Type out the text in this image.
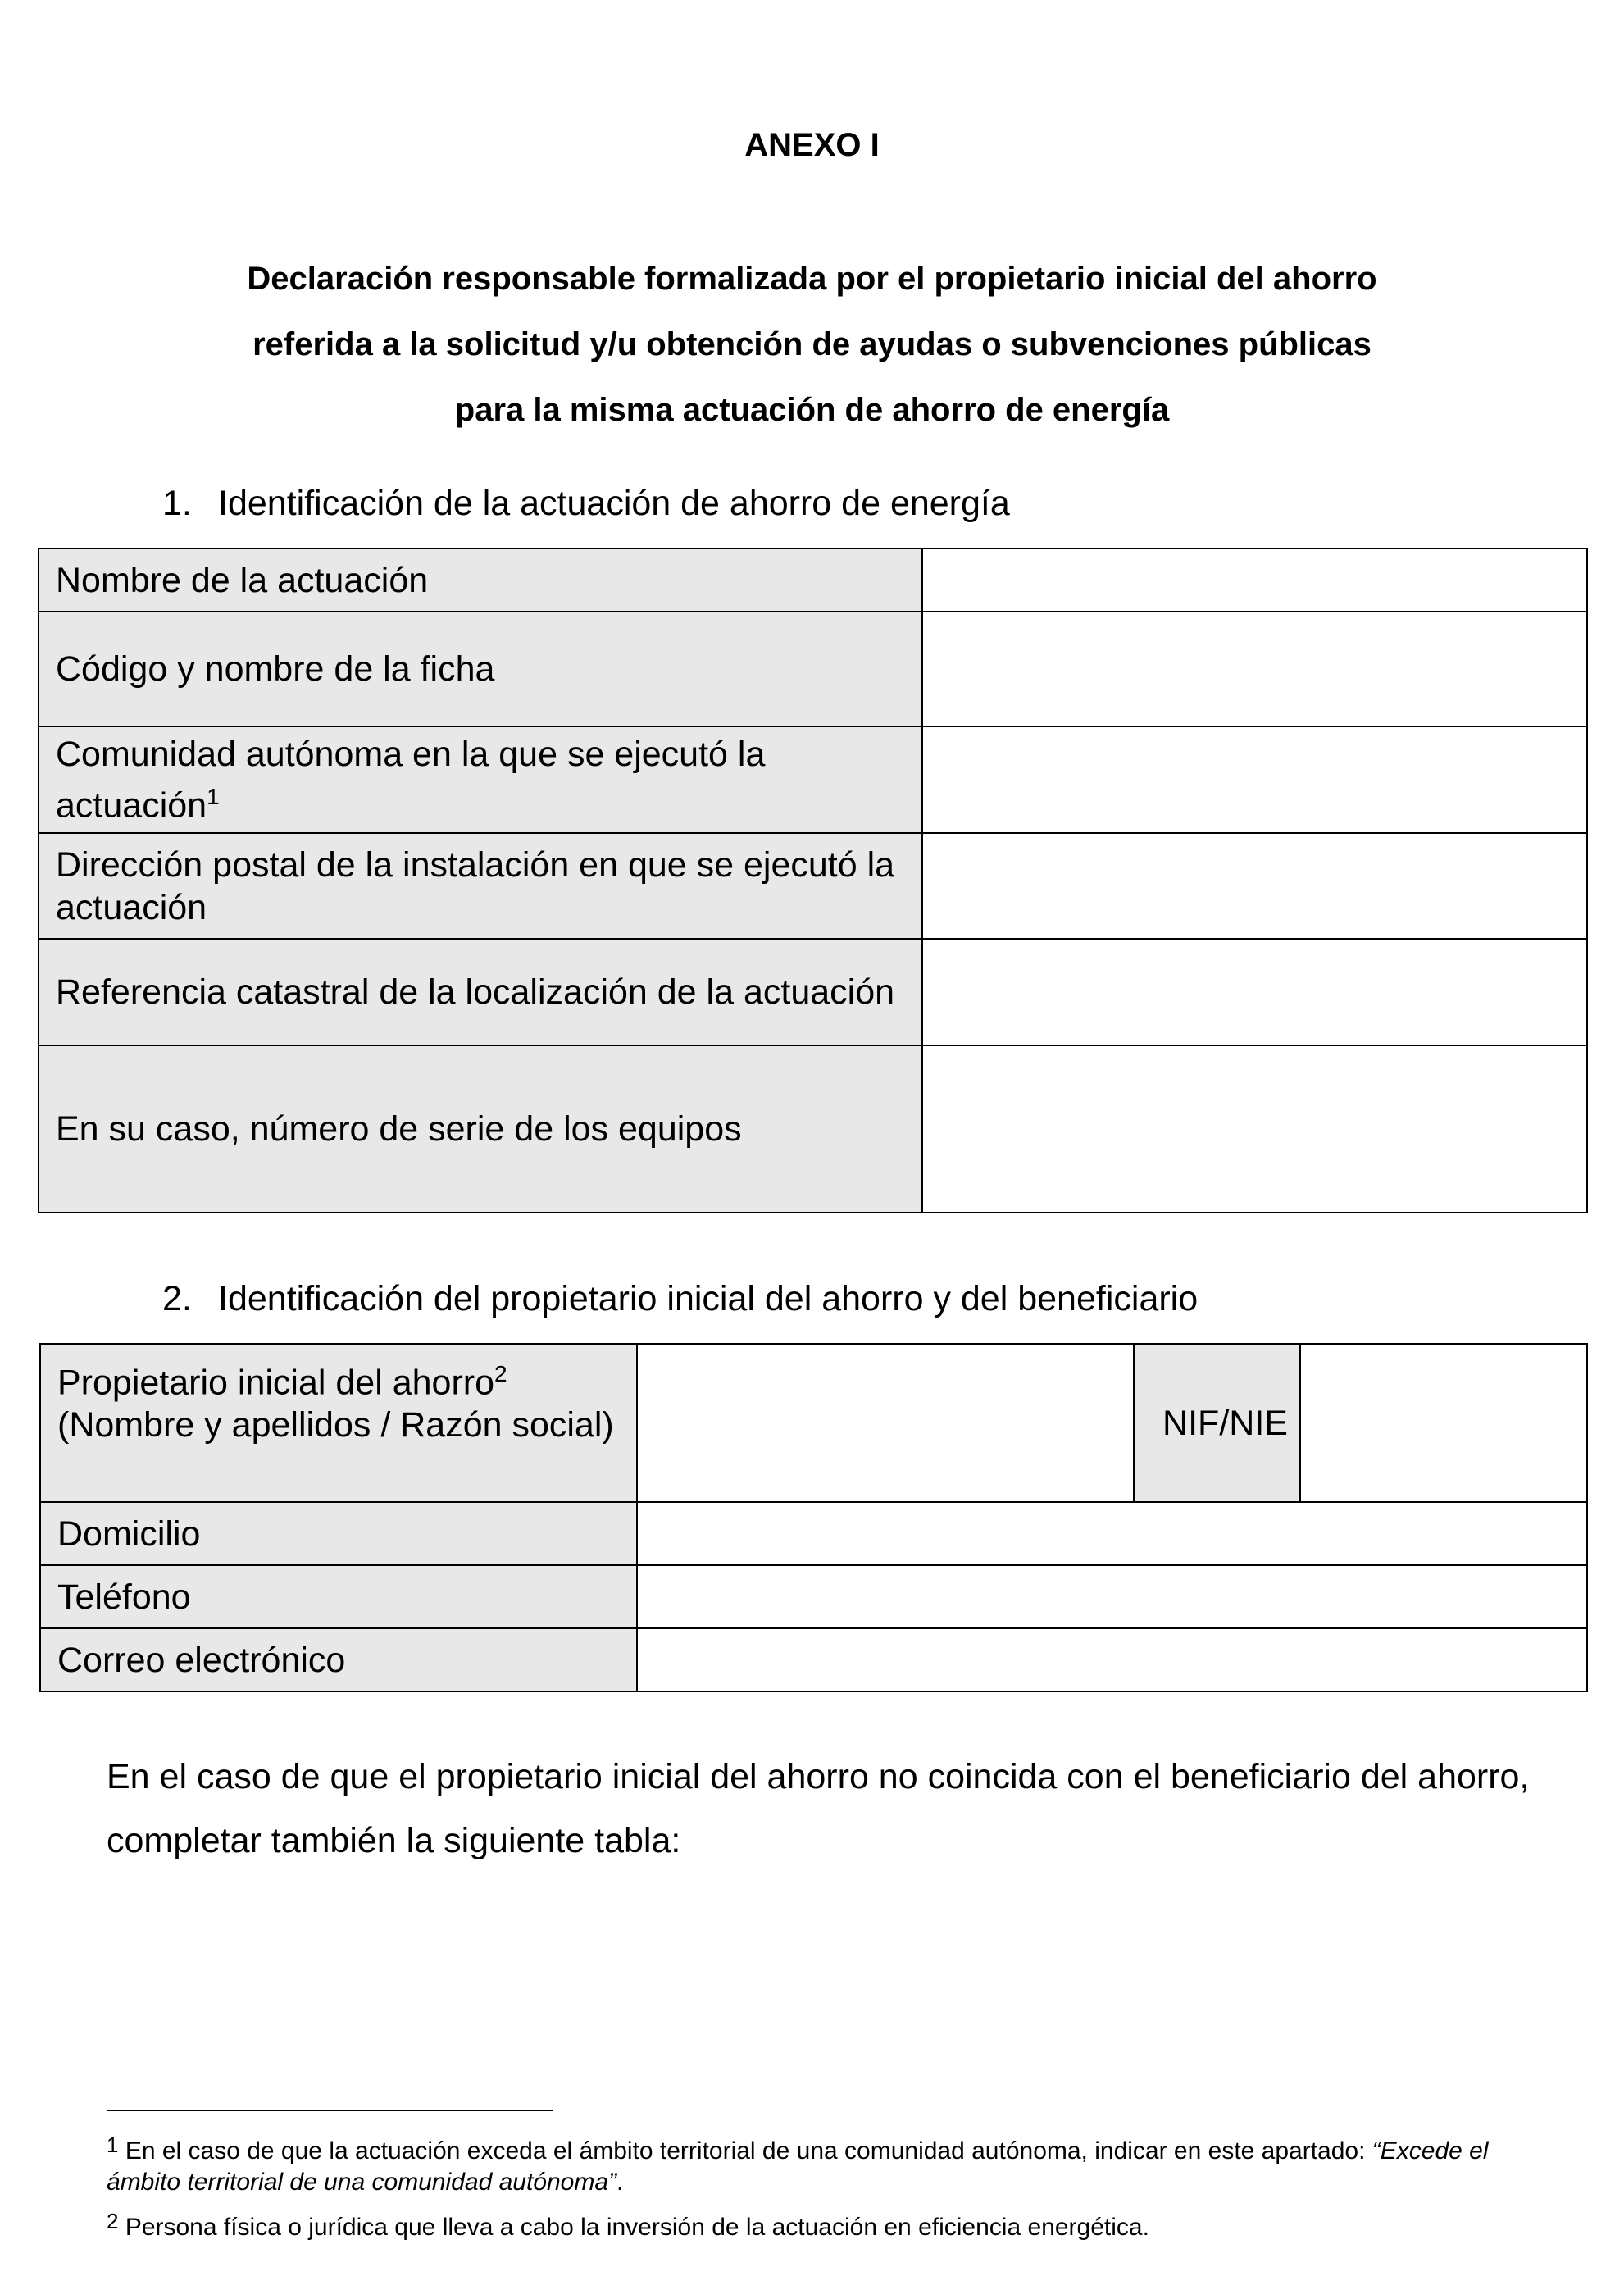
ANEXO I
Declaración responsable formalizada por el propietario inicial del ahorro
referida a la solicitud y/u obtención de ayudas o subvenciones públicas
para la misma actuación de ahorro de energía
1. Identificación de la actuación de ahorro de energía
Nombre de la actuación	
Código y nombre de la ficha	
Comunidad autónoma en la que se ejecutó la actuación$^1$	
Dirección postal de la instalación en que se ejecutó la actuación	
Referencia catastral de la localización de la actuación	
En su caso, número de serie de los equipos	
2. Identificación del propietario inicial del ahorro y del beneficiario
Propietario inicial del ahorro$^2$
(Nombre y apellidos / Razón social)		NIF/NIE	
Domicilio			
Teléfono			
Correo electrónico			
En el caso de que el propietario inicial del ahorro no coincida con el beneficiario del ahorro, completar también la siguiente tabla:
$^1$ En el caso de que la actuación exceda el ámbito territorial de una comunidad autónoma, indicar en este apartado: “Excede el ámbito territorial de una comunidad autónoma”.
$^2$ Persona física o jurídica que lleva a cabo la inversión de la actuación en eficiencia energética.
